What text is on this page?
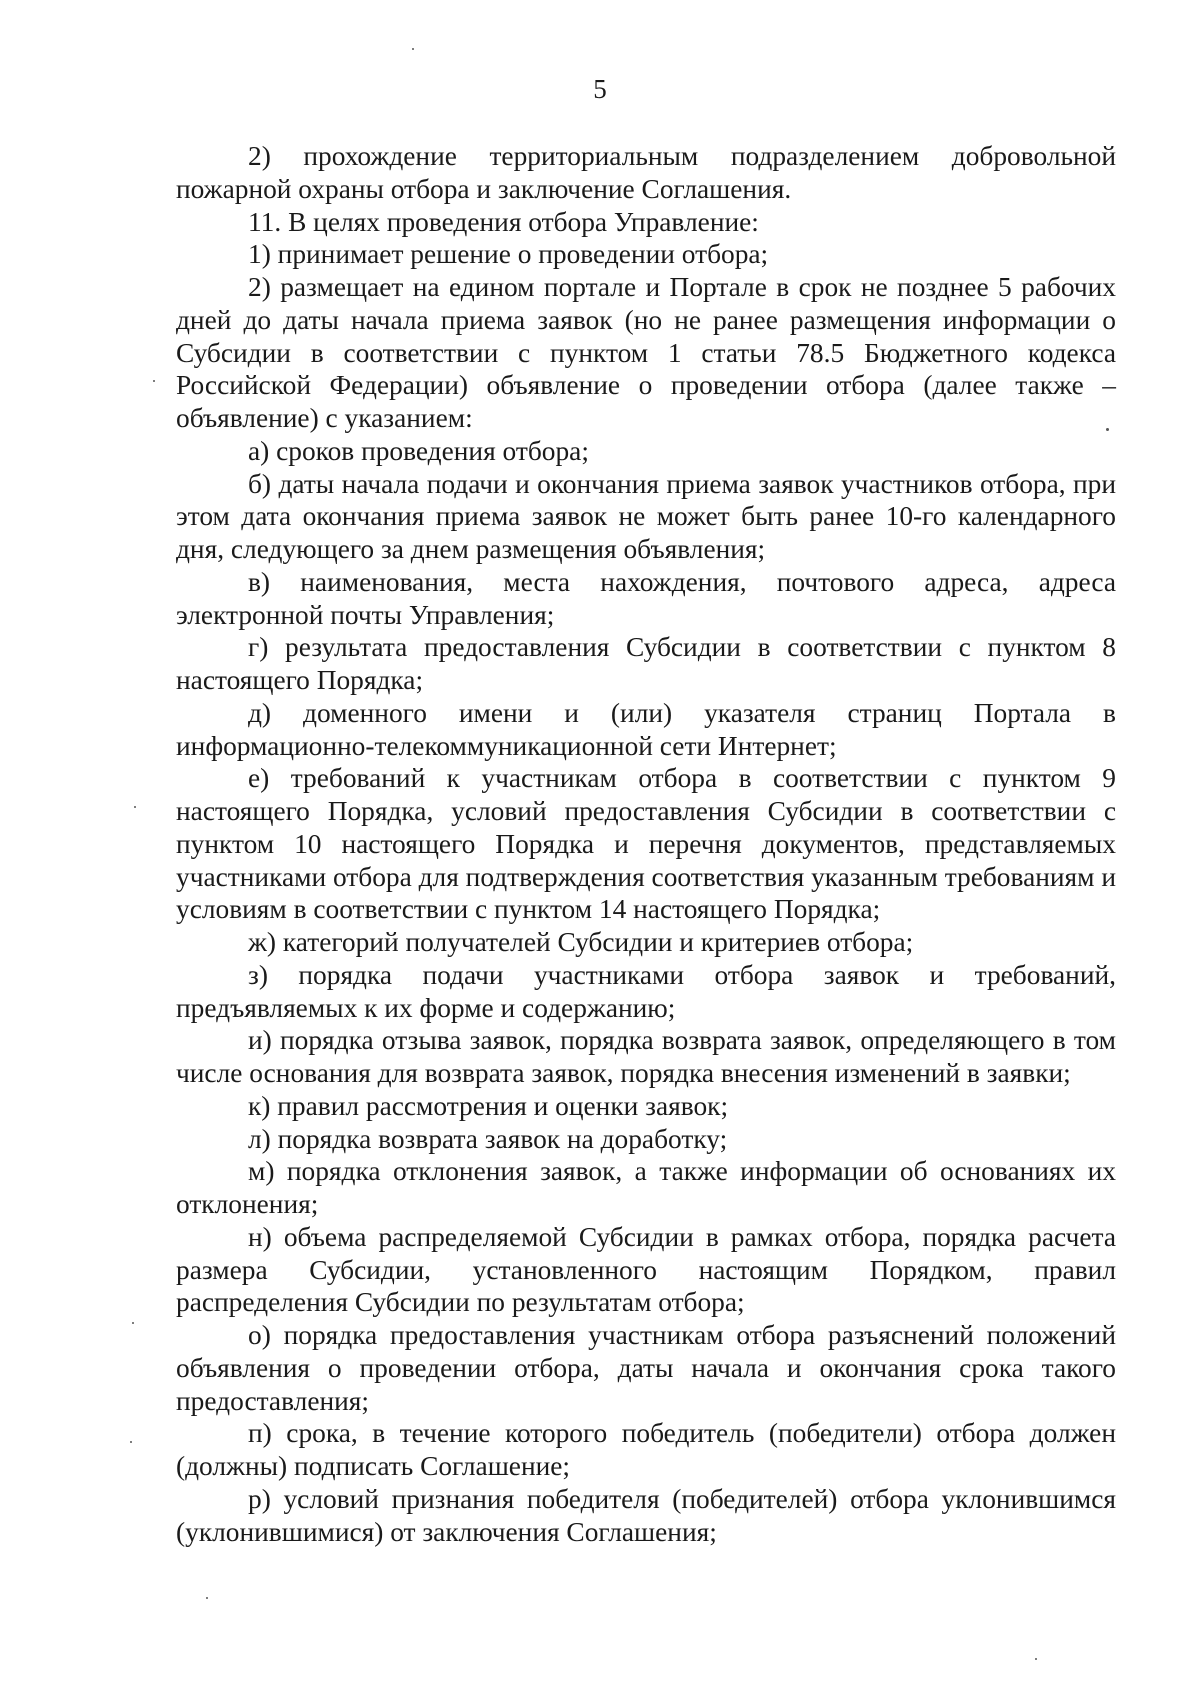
5

2) прохождение территориальным подразделением добровольной пожарной охраны отбора и заключение Соглашения.

11. В целях проведения отбора Управление:

1) принимает решение о проведении отбора;

2) размещает на едином портале и Портале в срок не позднее 5 рабочих дней до даты начала приема заявок (но не ранее размещения информации о Субсидии в соответствии с пунктом 1 статьи 78.5 Бюджетного кодекса Российской Федерации) объявление о проведении отбора (далее также – объявление) с указанием:

а) сроков проведения отбора;

б) даты начала подачи и окончания приема заявок участников отбора, при этом дата окончания приема заявок не может быть ранее 10-го календарного дня, следующего за днем размещения объявления;

в) наименования, места нахождения, почтового адреса, адреса электронной почты Управления;

г) результата предоставления Субсидии в соответствии с пунктом 8 настоящего Порядка;

д) доменного имени и (или) указателя страниц Портала в информационно-телекоммуникационной сети Интернет;

е) требований к участникам отбора в соответствии с пунктом 9 настоящего Порядка, условий предоставления Субсидии в соответствии с пунктом 10 настоящего Порядка и перечня документов, представляемых участниками отбора для подтверждения соответствия указанным требованиям и условиям в соответствии с пунктом 14 настоящего Порядка;

ж) категорий получателей Субсидии и критериев отбора;

з) порядка подачи участниками отбора заявок и требований, предъявляемых к их форме и содержанию;

и) порядка отзыва заявок, порядка возврата заявок, определяющего в том числе основания для возврата заявок, порядка внесения изменений в заявки;

к) правил рассмотрения и оценки заявок;

л) порядка возврата заявок на доработку;

м) порядка отклонения заявок, а также информации об основаниях их отклонения;

н) объема распределяемой Субсидии в рамках отбора, порядка расчета размера Субсидии, установленного настоящим Порядком, правил распределения Субсидии по результатам отбора;

о) порядка предоставления участникам отбора разъяснений положений объявления о проведении отбора, даты начала и окончания срока такого предоставления;

п) срока, в течение которого победитель (победители) отбора должен (должны) подписать Соглашение;

р) условий признания победителя (победителей) отбора уклонившимся (уклонившимися) от заключения Соглашения;
